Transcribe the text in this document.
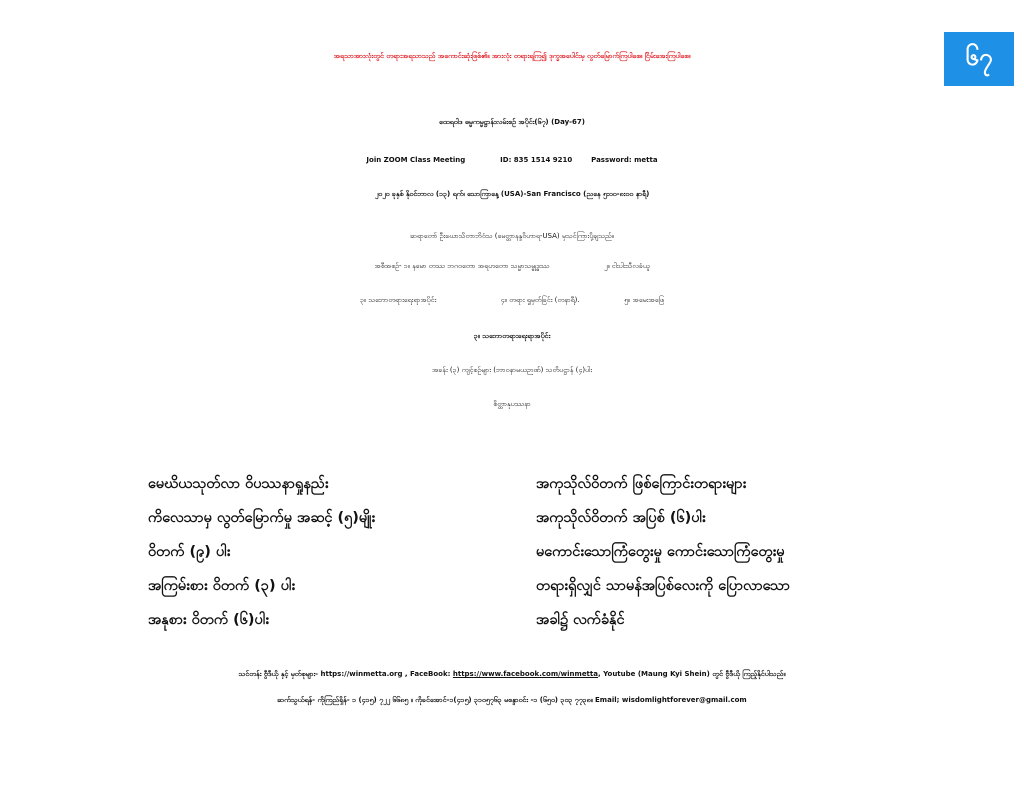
အရသာအားလုံးတွင် တရားအရသာသည် အကောင်းဆုံးဖြစ်၏။ အားလုံး တရားရကြ၍ ဒုက္ခအပေါင်းမှ လွတ်မြောက်ကြပါစေ။ ငြိမ်းအေးကြပါစေ။	၆၇
ထေရဝါဒ ဓမ္မကမ္မဋ္ဌာန်းလမ်းစဉ် အပိုင်း(၆၇) (Day-67)
Join ZOOM Class Meeting	ID: 835 1514 9210	Password: metta
၂၀၂၀ ခုနှစ် နိုဝင်ဘာလ (၁၃) ရက်၊ သောကြာနေ့ (USA)-San Francisco (ညနေ ၅း၀၀-၈း၀၀ နာရီ)
ဆရာတော် ဦးဃောသိတာဘိဝံသ (မေတ္တာနန္ဒဝိဟာရ-USA) မှသင်ကြားပို့ချသည်။
အစီအစဉ်- ၁။ နမော တဿ ဘဂဝတော အရဟတော သမ္မာသမ္ဗုဒ္ဓဿ	၂။ ငါးပါးသီလခံယူ
၃။ သဘောတရားရေးရာအပိုင်း	၄။ တရား ရှုမှတ်ခြင်း (တနာရီ).	၅။ အမေးအဖြေ
၃။ သဘောတရားရေးရာအပိုင်း
အခန်း (၃) ကျင့်စဉ်များ (ဘာဝနာမယဉာဏ်) သတိပဋ္ဌာန် (၄)ပါး
စိတ္တာနုပဿနာ
မေဃိယသုတ်လာ ဝိပဿနာရှုနည်း
ကိလေသာမှ လွတ်မြောက်မှု အဆင့် (၅)မျိုး
ဝိတက် (၉) ပါး
အကြမ်းစား ဝိတက် (၃) ပါး
အနုစား ဝိတက် (၆)ပါး
အကုသိုလ်ဝိတက် ဖြစ်ကြောင်းတရားများ
အကုသိုလ်ဝိတက် အပြစ် (၆)ပါး
မကောင်းသောကြံတွေးမှု ကောင်းသောကြံတွေးမှု
တရားရှိလျှင် သာမန်အပြစ်လေးကို ပြောလာသော
အခါ၌ လက်ခံနိုင်
သင်တန်း ဗွီဒီယို နှင့် မှတ်စုများ- https://winmetta.org , FaceBook: https://www.facebook.com/winmetta, Youtube (Maung Kyi Shein) တွင် ဗွီဒီယို ကြည့်နိုင်ပါသည်။
ဆက်သွယ်ရန်- ကိုကြည်ရှိန်- ၁ (၄၁၅) ၇၂၂ ၆၆၈၅ ။ ကိုခင်အောင်-၁(၄၁၅) ၃၁၀၅၇၆၃ မစန္ဒာဝင်း -၁ (၆၅၀) ၃၀၃ ၇၇၃၈။ Email; wisdomlightforever@gmail.com
